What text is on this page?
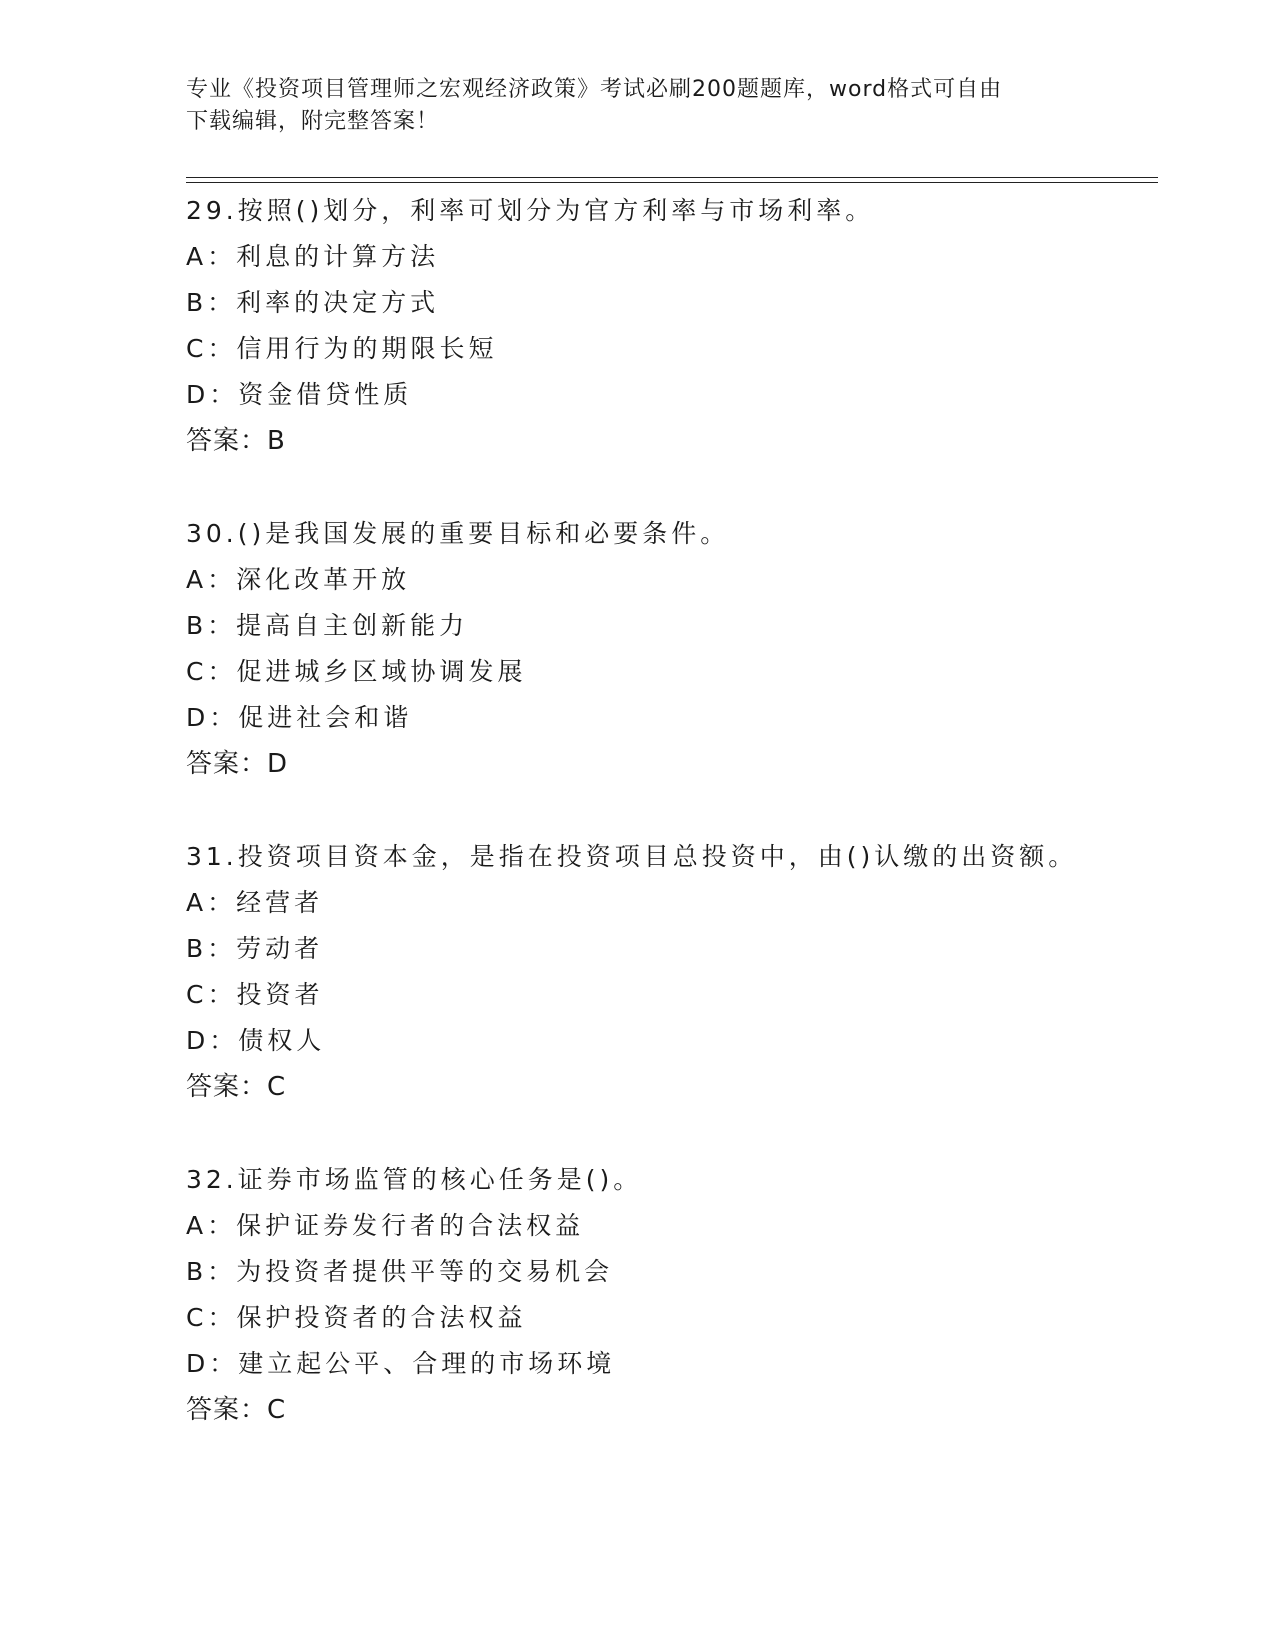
专业《投资项目管理师之宏观经济政策》考试必刷200题题库，word格式可自由
下载编辑，附完整答案！
29.按照()划分，利率可划分为官方利率与市场利率。
A：利息的计算方法
B：利率的决定方式
C：信用行为的期限长短
D：资金借贷性质
答案：B
30.()是我国发展的重要目标和必要条件。
A：深化改革开放
B：提高自主创新能力
C：促进城乡区域协调发展
D：促进社会和谐
答案：D
31.投资项目资本金，是指在投资项目总投资中，由()认缴的出资额。
A：经营者
B：劳动者
C：投资者
D：债权人
答案：C
32.证券市场监管的核心任务是()。
A：保护证券发行者的合法权益
B：为投资者提供平等的交易机会
C：保护投资者的合法权益
D：建立起公平、合理的市场环境
答案：C
